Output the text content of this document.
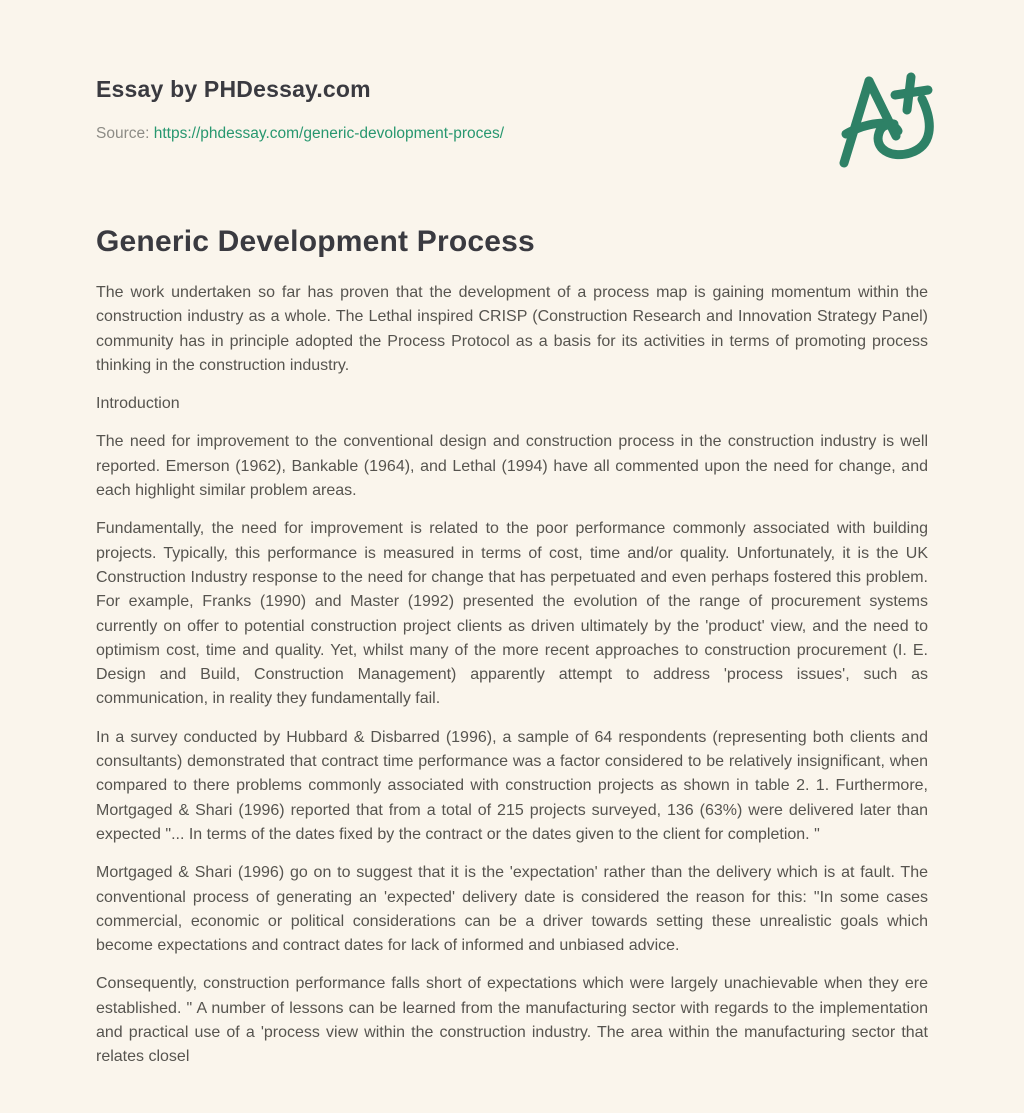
Essay by PHDessay.com
Source: https://phdessay.com/generic-devolopment-proces/
Generic Development Process

The work undertaken so far has proven that the development of a process map is gaining momentum within the construction industry as a whole. The Lethal inspired CRISP (Construction Research and Innovation Strategy Panel) community has in principle adopted the Process Protocol as a basis for its activities in terms of promoting process thinking in the construction industry.

Introduction

The need for improvement to the conventional design and construction process in the construction industry is well reported. Emerson (1962), Bankable (1964), and Lethal (1994) have all commented upon the need for change, and each highlight similar problem areas.

Fundamentally, the need for improvement is related to the poor performance commonly associated with building projects. Typically, this performance is measured in terms of cost, time and/or quality. Unfortunately, it is the UK Construction Industry response to the need for change that has perpetuated and even perhaps fostered this problem. For example, Franks (1990) and Master (1992) presented the evolution of the range of procurement systems currently on offer to potential construction project clients as driven ultimately by the 'product' view, and the need to optimism cost, time and quality. Yet, whilst many of the more recent approaches to construction procurement (I. E. Design and Build, Construction Management) apparently attempt to address 'process issues', such as communication, in reality they fundamentally fail.

In a survey conducted by Hubbard & Disbarred (1996), a sample of 64 respondents (representing both clients and consultants) demonstrated that contract time performance was a factor considered to be relatively insignificant, when compared to there problems commonly associated with construction projects as shown in table 2. 1. Furthermore, Mortgaged & Shari (1996) reported that from a total of 215 projects surveyed, 136 (63%) were delivered later than expected "... In terms of the dates fixed by the contract or the dates given to the client for completion. "

Mortgaged & Shari (1996) go on to suggest that it is the 'expectation' rather than the delivery which is at fault. The conventional process of generating an 'expected' delivery date is considered the reason for this: "In some cases commercial, economic or political considerations can be a driver towards setting these unrealistic goals which become expectations and contract dates for lack of informed and unbiased advice.

Consequently, construction performance falls short of expectations which were largely unachievable when they ere established. " A number of lessons can be learned from the manufacturing sector with regards to the implementation and practical use of a 'process view within the construction industry. The area within the manufacturing sector that relates closel
